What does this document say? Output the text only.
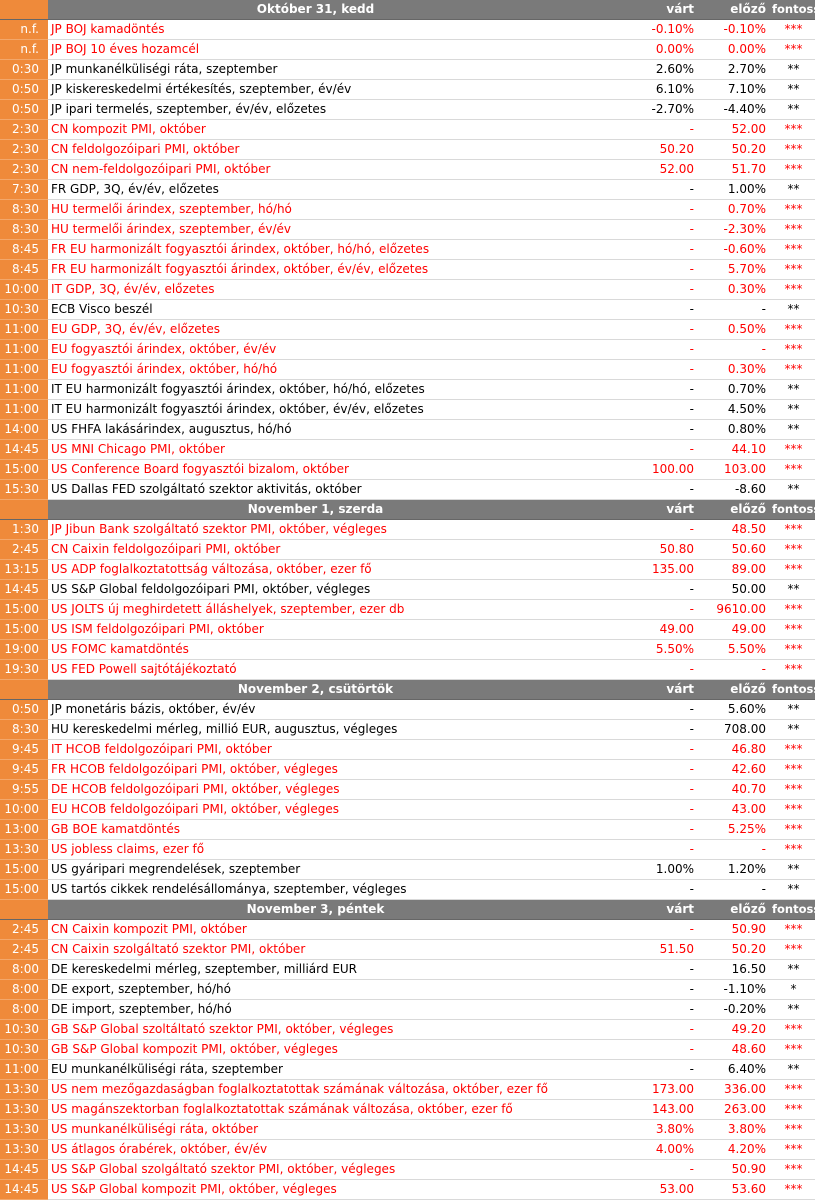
	Október 31, kedd	várt	előző	fontosság
n.f.	JP BOJ kamadöntés	-0.10%	-0.10%	***
n.f.	JP BOJ 10 éves hozamcél	0.00%	0.00%	***
0:30	JP munkanélküliségi ráta, szeptember	2.60%	2.70%	**
0:50	JP kiskereskedelmi értékesítés, szeptember, év/év	6.10%	7.10%	**
0:50	JP ipari termelés, szeptember, év/év, előzetes	-2.70%	-4.40%	**
2:30	CN kompozit PMI, október	-	52.00	***
2:30	CN feldolgozóipari PMI, október	50.20	50.20	***
2:30	CN nem-feldolgozóipari PMI, október	52.00	51.70	***
7:30	FR GDP, 3Q, év/év, előzetes	-	1.00%	**
8:30	HU termelői árindex, szeptember, hó/hó	-	0.70%	***
8:30	HU termelői árindex, szeptember, év/év	-	-2.30%	***
8:45	FR EU harmonizált fogyasztói árindex, október, hó/hó, előzetes	-	-0.60%	***
8:45	FR EU harmonizált fogyasztói árindex, október, év/év, előzetes	-	5.70%	***
10:00	IT GDP, 3Q, év/év, előzetes	-	0.30%	***
10:30	ECB Visco beszél	-	-	**
11:00	EU GDP, 3Q, év/év, előzetes	-	0.50%	***
11:00	EU fogyasztói árindex, október, év/év	-	-	***
11:00	EU fogyasztói árindex, október, hó/hó	-	0.30%	***
11:00	IT EU harmonizált fogyasztói árindex, október, hó/hó, előzetes	-	0.70%	**
11:00	IT EU harmonizált fogyasztói árindex, október, év/év, előzetes	-	4.50%	**
14:00	US FHFA lakásárindex, augusztus, hó/hó	-	0.80%	**
14:45	US MNI Chicago PMI, október	-	44.10	***
15:00	US Conference Board fogyasztói bizalom, október	100.00	103.00	***
15:30	US Dallas FED szolgáltató szektor aktivitás, október	-	-8.60	**
	November 1, szerda	várt	előző	fontosság
1:30	JP Jibun Bank szolgáltató szektor PMI, október, végleges	-	48.50	***
2:45	CN Caixin feldolgozóipari PMI, október	50.80	50.60	***
13:15	US ADP foglalkoztatottság változása, október, ezer fő	135.00	89.00	***
14:45	US S&P Global feldolgozóipari PMI, október, végleges	-	50.00	**
15:00	US JOLTS új meghirdetett álláshelyek, szeptember, ezer db	-	9610.00	***
15:00	US ISM feldolgozóipari PMI, október	49.00	49.00	***
19:00	US FOMC kamatdöntés	5.50%	5.50%	***
19:30	US FED Powell sajtótájékoztató	-	-	***
	November 2, csütörtök	várt	előző	fontosság
0:50	JP monetáris bázis, október, év/év	-	5.60%	**
8:30	HU kereskedelmi mérleg, millió EUR, augusztus, végleges	-	708.00	**
9:45	IT HCOB feldolgozóipari PMI, október	-	46.80	***
9:45	FR HCOB feldolgozóipari PMI, október, végleges	-	42.60	***
9:55	DE HCOB feldolgozóipari PMI, október, végleges	-	40.70	***
10:00	EU HCOB feldolgozóipari PMI, október, végleges	-	43.00	***
13:00	GB BOE kamatdöntés	-	5.25%	***
13:30	US jobless claims, ezer fő	-	-	***
15:00	US gyáripari megrendelések, szeptember	1.00%	1.20%	**
15:00	US tartós cikkek rendelésállománya, szeptember, végleges	-	-	**
	November 3, péntek	várt	előző	fontosság
2:45	CN Caixin kompozit PMI, október	-	50.90	***
2:45	CN Caixin szolgáltató szektor PMI, október	51.50	50.20	***
8:00	DE kereskedelmi mérleg, szeptember, milliárd EUR	-	16.50	**
8:00	DE export, szeptember, hó/hó	-	-1.10%	*
8:00	DE import, szeptember, hó/hó	-	-0.20%	**
10:30	GB S&P Global szoltáltató szektor PMI, október, végleges	-	49.20	***
10:30	GB S&P Global kompozit PMI, október, végleges	-	48.60	***
11:00	EU munkanélküliségi ráta, szeptember	-	6.40%	**
13:30	US nem mezőgazdaságban foglalkoztatottak számának változása, október, ezer fő	173.00	336.00	***
13:30	US magánszektorban foglalkoztatottak számának változása, október, ezer fő	143.00	263.00	***
13:30	US munkanélküliségi ráta, október	3.80%	3.80%	***
13:30	US átlagos órabérek, október, év/év	4.00%	4.20%	***
14:45	US S&P Global szolgáltató szektor PMI, október, végleges	-	50.90	***
14:45	US S&P Global kompozit PMI, október, végleges	53.00	53.60	***
